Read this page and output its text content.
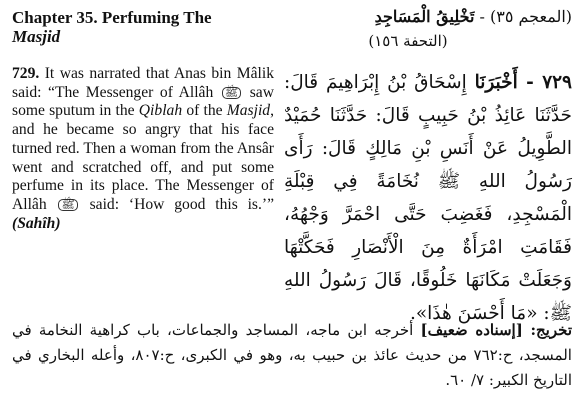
Chapter 35. Perfuming The
Masjid

729. It was narrated that Anas bin Mâlik said: “The Messenger of Allâh ﷺ saw some sputum in the Qiblah of the Masjid, and he became so angry that his face turned red. Then a woman from the Ansâr went and scratched off, and put some perfume in its place. The Messenger of Allâh ﷺ said: ‘How good this is.’” (Sahîh)

(المعجم ٣٥) - تَخْلِيقُ الْمَسَاجِدِ

(التحفة ١٥٦)

٧٢٩ - أَخْبَرَنَا إِسْحَاقُ بْنُ إِبْرَاهِيمَ قَالَ: حَدَّثَنَا عَائِذُ بْنُ حَبِيبٍ قَالَ: حَدَّثَنَا حُمَيْدٌ الطَّوِيلُ عَنْ أَنَسِ بْنِ مَالِكٍ قَالَ: رَأَى رَسُولُ اللهِ ﷺ نُخَامَةً فِي قِبْلَةِ الْمَسْجِدِ، فَغَضِبَ حَتَّى احْمَرَّ وَجْهُهُ، فَقَامَتِ امْرَأَةٌ مِنَ الْأَنْصَارِ فَحَكَّتْهَا وَجَعَلَتْ مَكَانَهَا خَلُوقًا، قَالَ رَسُولُ اللهِ ﷺ: «مَا أَحْسَنَ هٰذَا».

تخريج: [إسناده ضعيف] أخرجه ابن ماجه، المساجد والجماعات، باب كراهية النخامة في المسجد، ح:٧٦٢ من حديث عائذ بن حبيب به، وهو في الكبرى، ح:٨٠٧، وأعله البخاري في التاريخ الكبير: ٧/ ٦٠.
